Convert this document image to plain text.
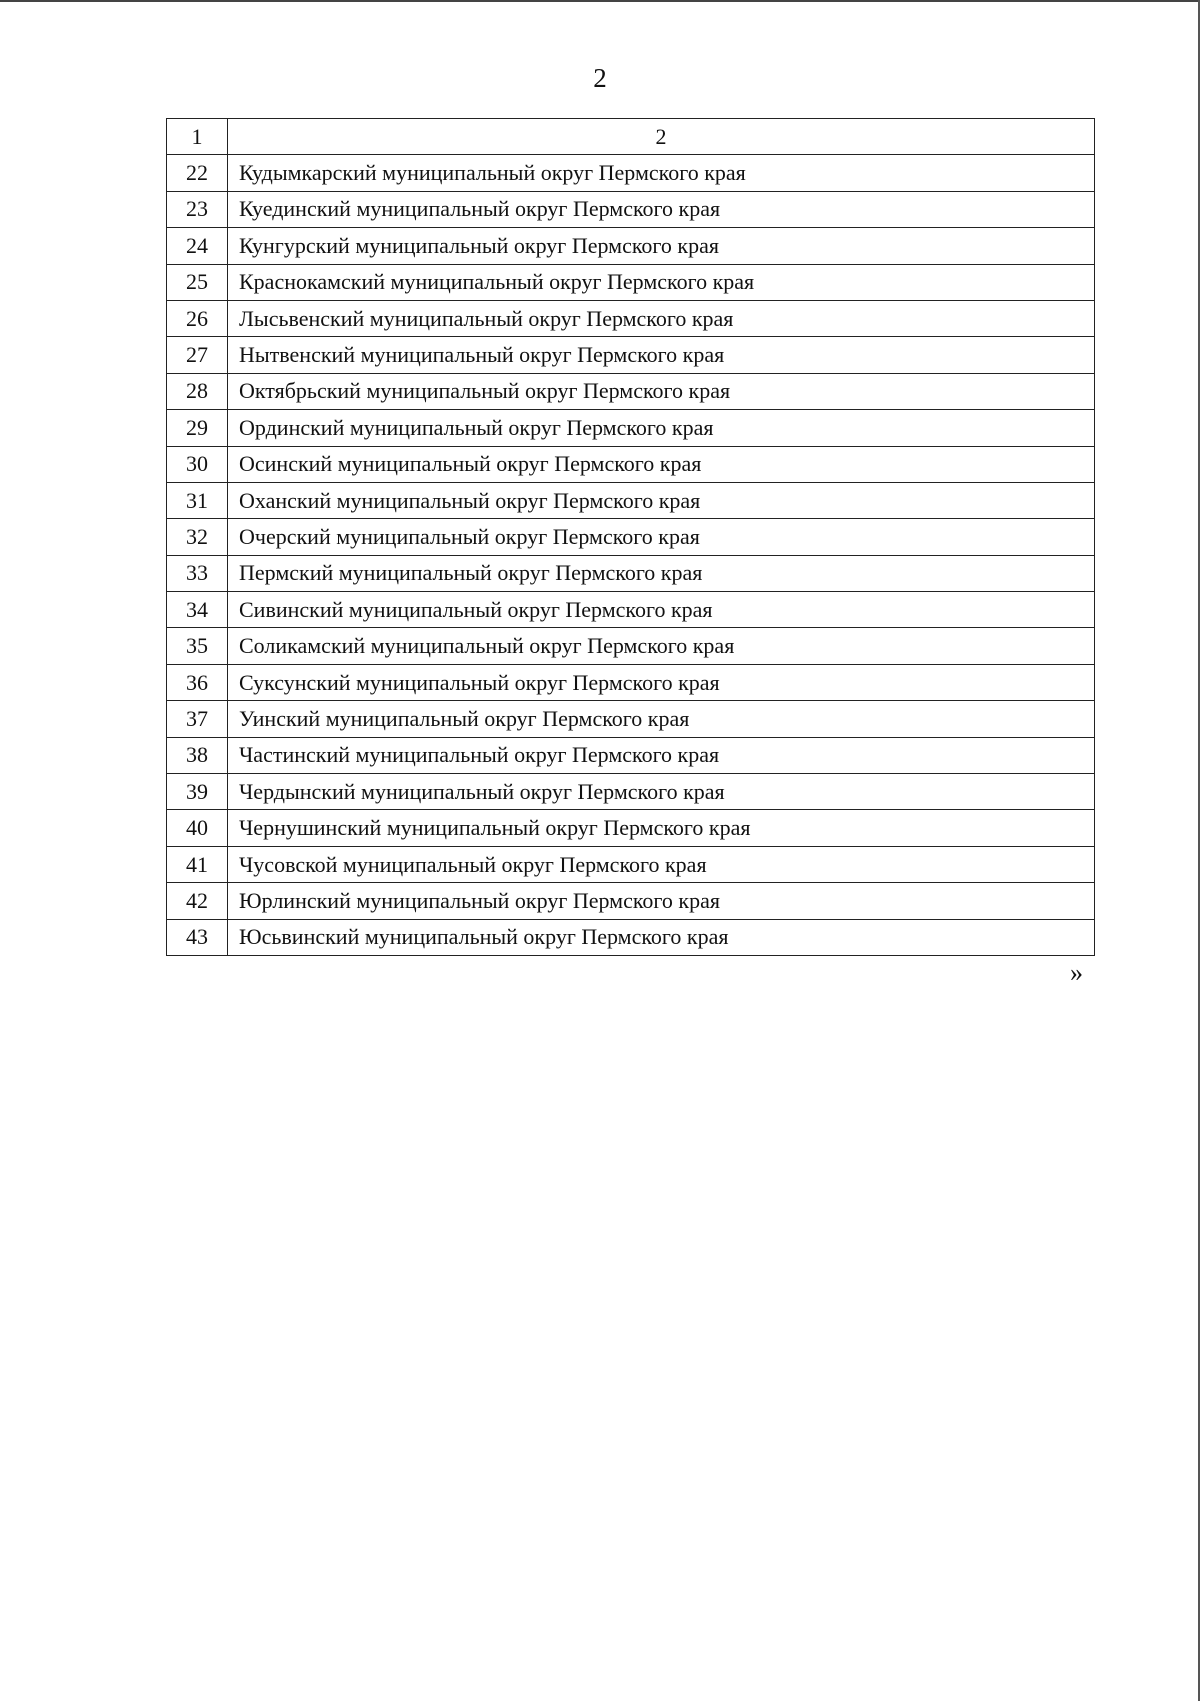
2
1	2
22	Кудымкарский муниципальный округ Пермского края
23	Куединский муниципальный округ Пермского края
24	Кунгурский муниципальный округ Пермского края
25	Краснокамский муниципальный округ Пермского края
26	Лысьвенский муниципальный округ Пермского края
27	Нытвенский муниципальный округ Пермского края
28	Октябрьский муниципальный округ Пермского края
29	Ординский муниципальный округ Пермского края
30	Осинский муниципальный округ Пермского края
31	Оханский муниципальный округ Пермского края
32	Очерский муниципальный округ Пермского края
33	Пермский муниципальный округ Пермского края
34	Сивинский муниципальный округ Пермского края
35	Соликамский муниципальный округ Пермского края
36	Суксунский муниципальный округ Пермского края
37	Уинский муниципальный округ Пермского края
38	Частинский муниципальный округ Пермского края
39	Чердынский муниципальный округ Пермского края
40	Чернушинский муниципальный округ Пермского края
41	Чусовской муниципальный округ Пермского края
42	Юрлинский муниципальный округ Пермского края
43	Юсьвинский муниципальный округ Пермского края
»
